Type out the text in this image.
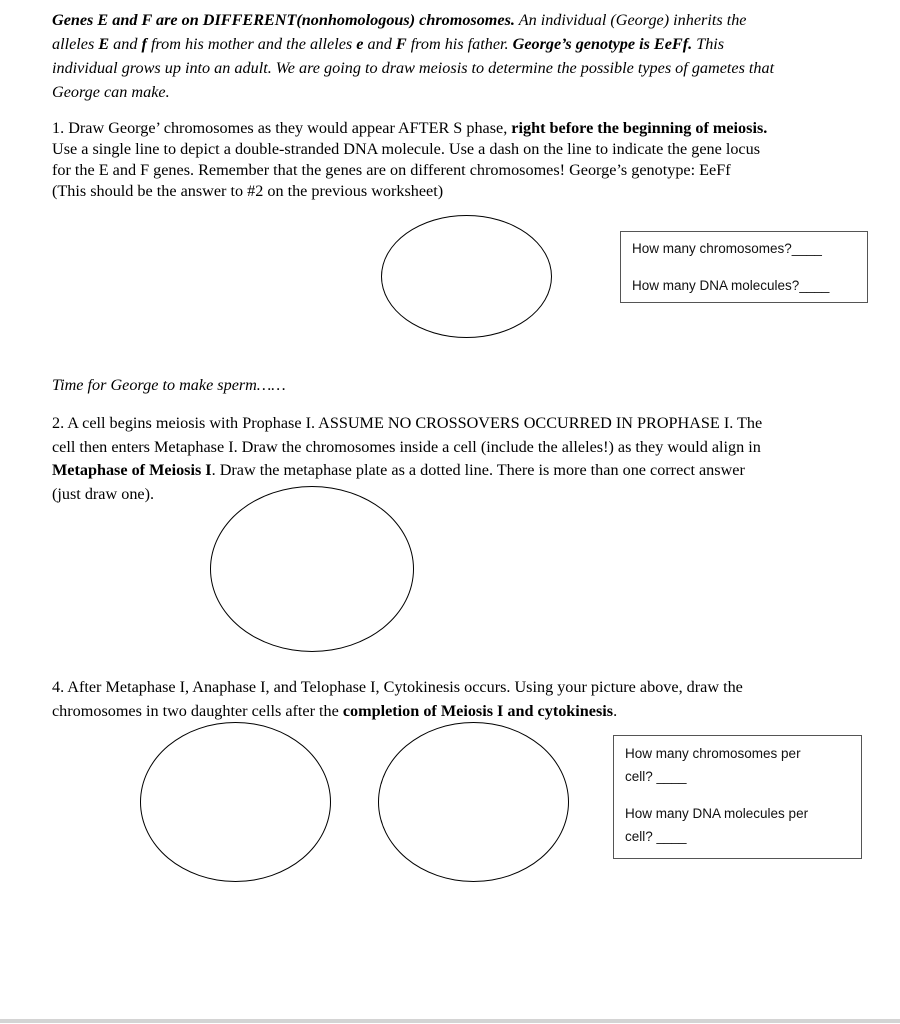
Genes E and F are on DIFFERENT(nonhomologous) chromosomes. An individual (George) inherits the
alleles E and f from his mother and the alleles e and F from his father. George’s genotype is EeFf. This
individual grows up into an adult. We are going to draw meiosis to determine the possible types of gametes that
George can make.
1. Draw George’ chromosomes as they would appear AFTER S phase, right before the beginning of meiosis.
Use a single line to depict a double-stranded DNA molecule. Use a dash on the line to indicate the gene locus
for the E and F genes. Remember that the genes are on different chromosomes! George’s genotype: EeFf
(This should be the answer to #2 on the previous worksheet)
How many chromosomes?____
How many DNA molecules?____
Time for George to make sperm……
2. A cell begins meiosis with Prophase I. ASSUME NO CROSSOVERS OCCURRED IN PROPHASE I. The
cell then enters Metaphase I. Draw the chromosomes inside a cell (include the alleles!) as they would align in
Metaphase of Meiosis I. Draw the metaphase plate as a dotted line. There is more than one correct answer
(just draw one).
4. After Metaphase I, Anaphase I, and Telophase I, Cytokinesis occurs. Using your picture above, draw the
chromosomes in two daughter cells after the completion of Meiosis I and cytokinesis.
How many chromosomes per
cell? ____
How many DNA molecules per
cell? ____
